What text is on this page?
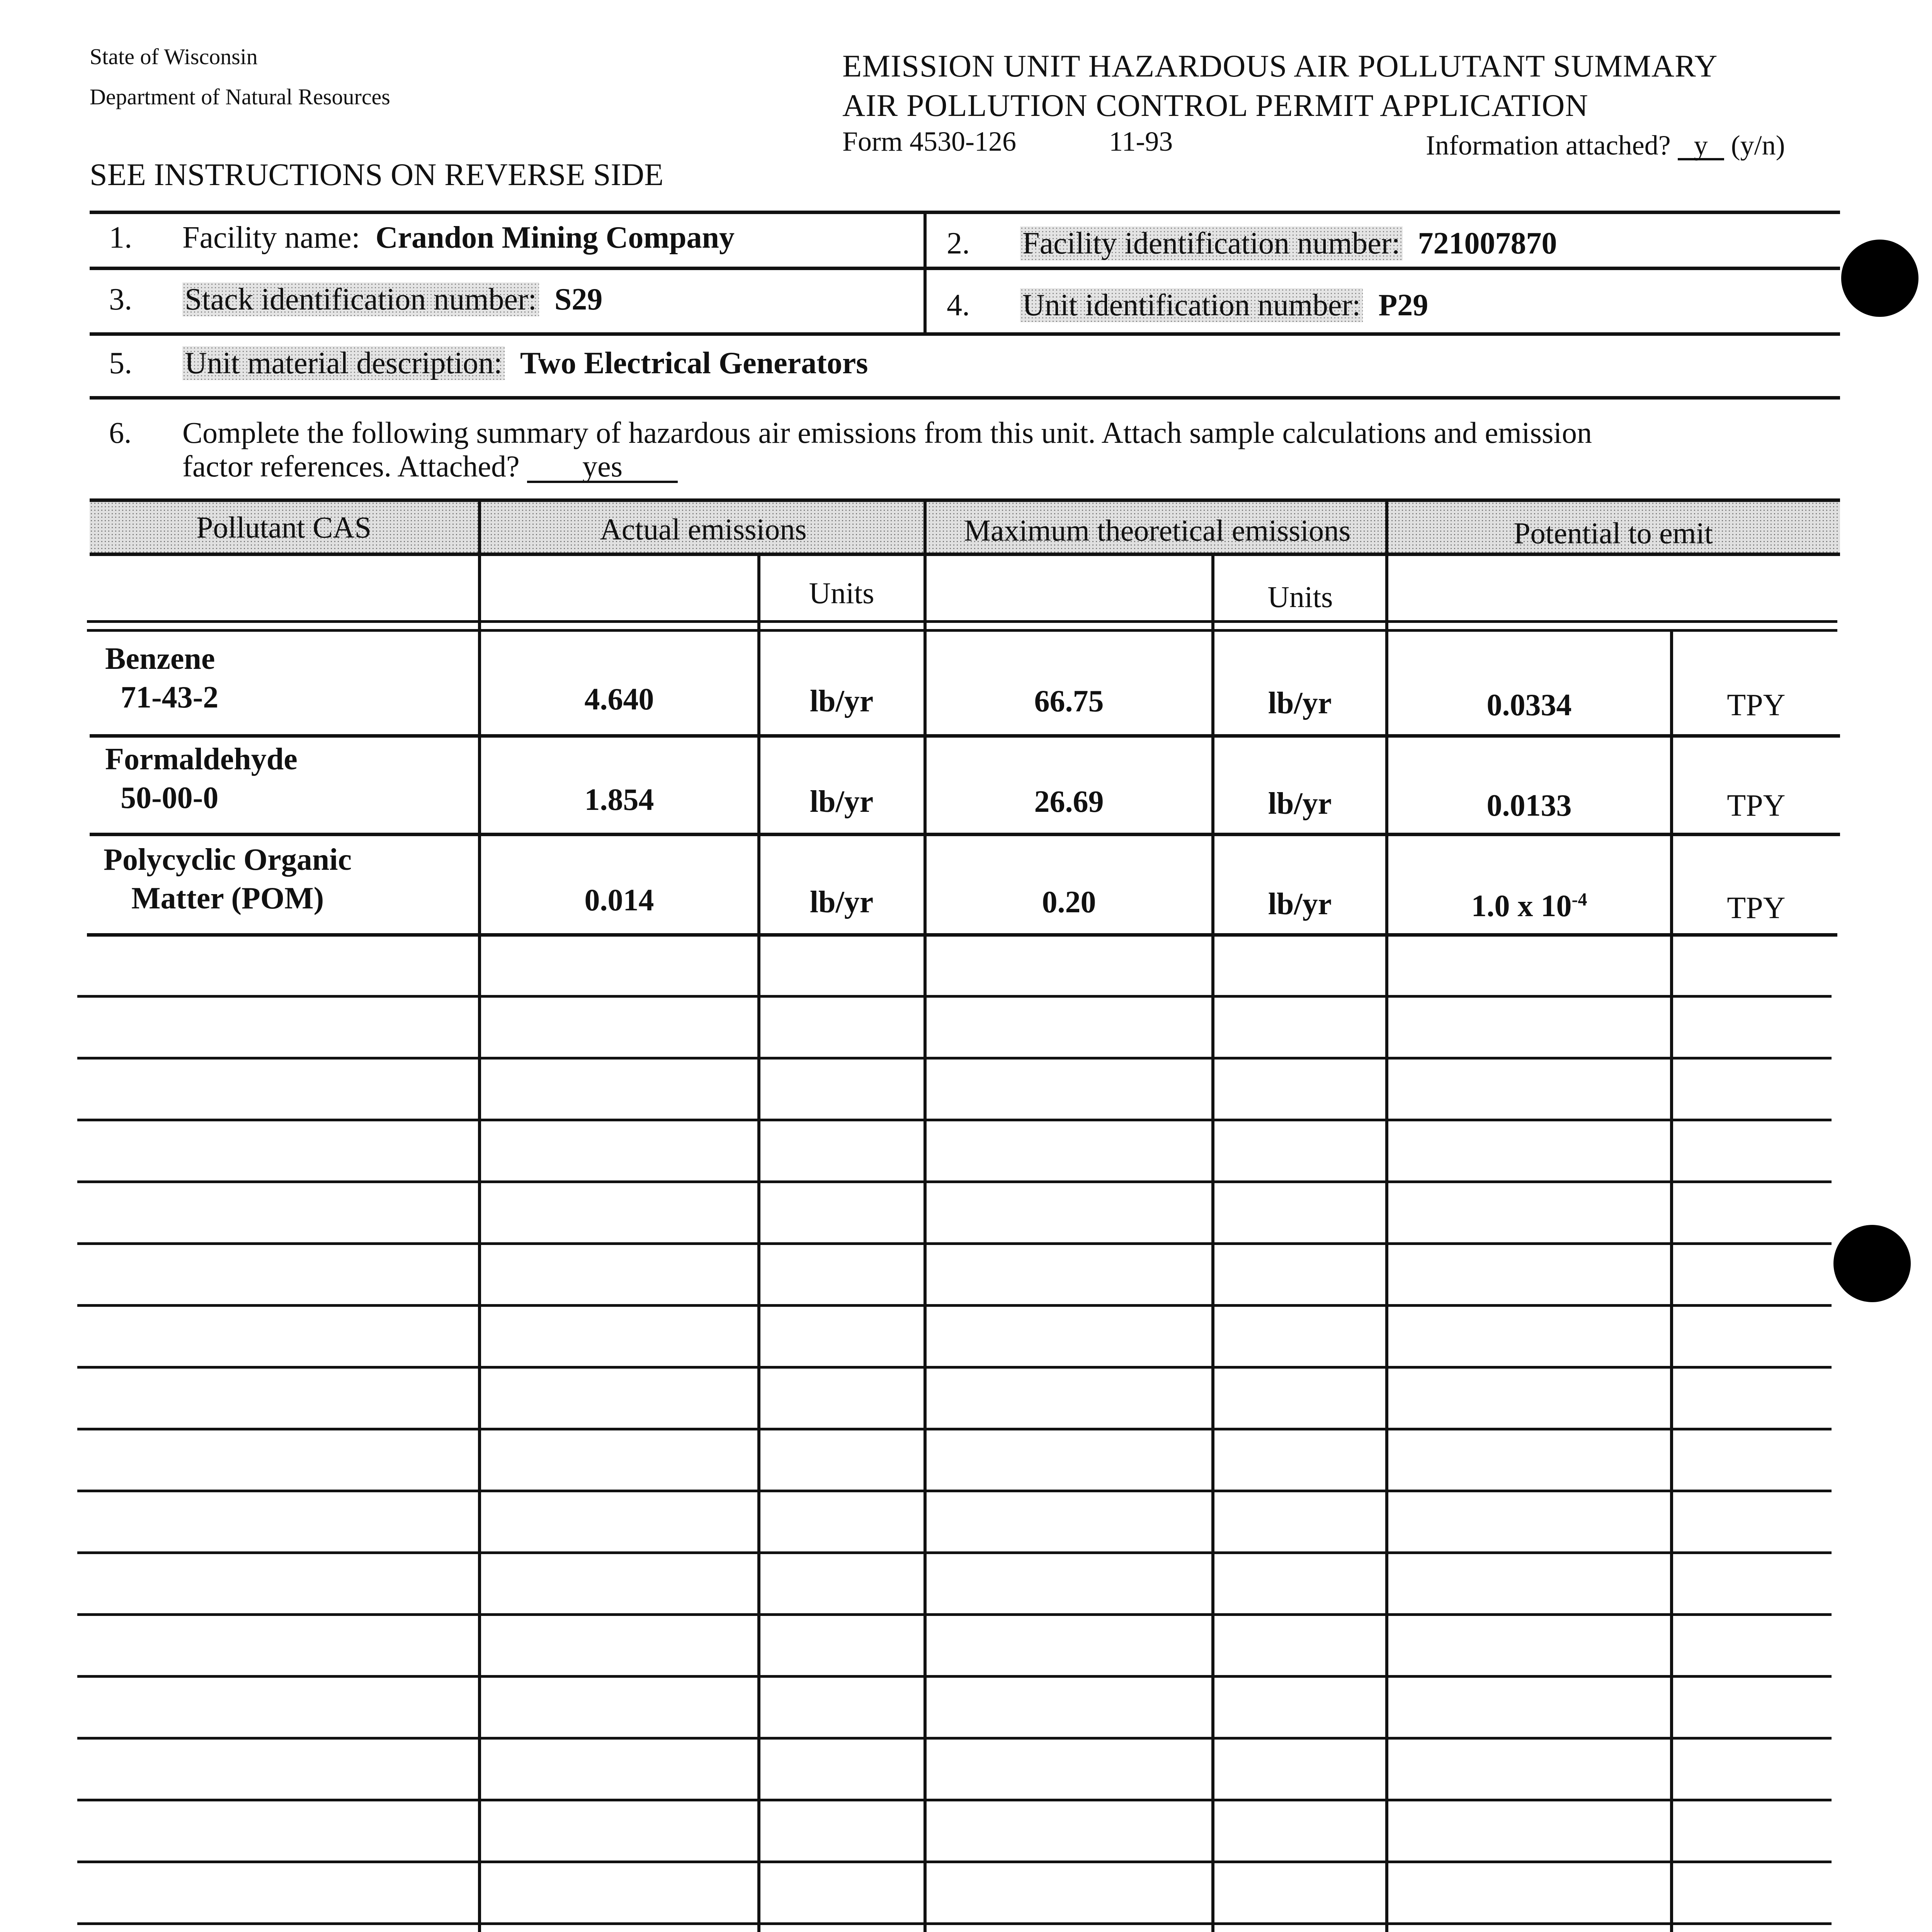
State of Wisconsin
Department of Natural Resources
EMISSION UNIT HAZARDOUS AIR POLLUTANT SUMMARY
AIR POLLUTION CONTROL PERMIT APPLICATION
Form 4530-126	11-93	Information attached? y (y/n)
SEE INSTRUCTIONS ON REVERSE SIDE
1. Facility name: Crandon Mining Company	2. Facility identification number: 721007870
3. Stack identification number: S29	4. Unit identification number: P29
5. Unit material description: Two Electrical Generators
6. Complete the following summary of hazardous air emissions from this unit. Attach sample calculations and emission
factor references. Attached? yes
Pollutant CAS	Actual emissions	Maximum theoretical emissions	Potential to emit
Units	Units
Benzene
71-43-2	4.640	lb/yr	66.75	lb/yr	0.0334	TPY
Formaldehyde
50-00-0	1.854	lb/yr	26.69	lb/yr	0.0133	TPY
Polycyclic Organic
Matter (POM)	0.014	lb/yr	0.20	lb/yr	1.0 x $10^{-4}$	TPY
